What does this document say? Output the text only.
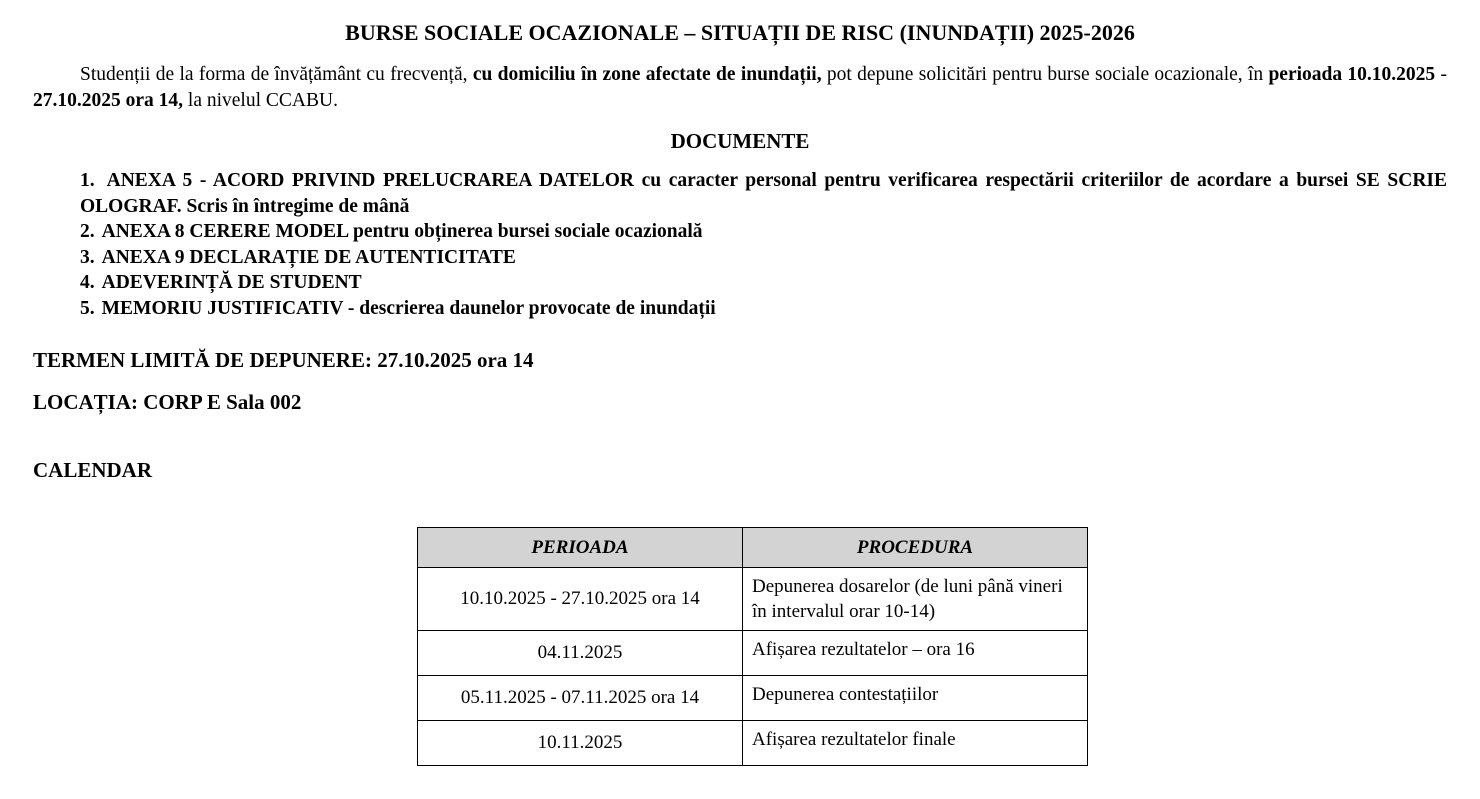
BURSE SOCIALE OCAZIONALE – SITUAȚII DE RISC (INUNDAȚII) 2025-2026

Studenții de la forma de învățământ cu frecvență, cu domiciliu în zone afectate de inundații, pot depune solicitări pentru burse sociale ocazionale, în perioada 10.10.2025 - 27.10.2025 ora 14, la nivelul CCABU.

DOCUMENTE
1. ANEXA 5 - ACORD PRIVIND PRELUCRAREA DATELOR cu caracter personal pentru verificarea respectării criteriilor de acordare a bursei SE SCRIE OLOGRAF. Scris în întregime de mână
2. ANEXA 8 CERERE MODEL pentru obținerea bursei sociale ocazională
3. ANEXA 9 DECLARAȚIE DE AUTENTICITATE
4. ADEVERINȚĂ DE STUDENT
5. MEMORIU JUSTIFICATIV - descrierea daunelor provocate de inundații
TERMEN LIMITĂ DE DEPUNERE: 27.10.2025 ora 14
LOCAȚIA: CORP E Sala 002
CALENDAR
PERIOADA	PROCEDURA
10.10.2025 - 27.10.2025 ora 14	Depunerea dosarelor (de luni până vineri în intervalul orar 10-14)
04.11.2025	Afișarea rezultatelor – ora 16
05.11.2025 - 07.11.2025 ora 14	Depunerea contestațiilor
10.11.2025	Afișarea rezultatelor finale
